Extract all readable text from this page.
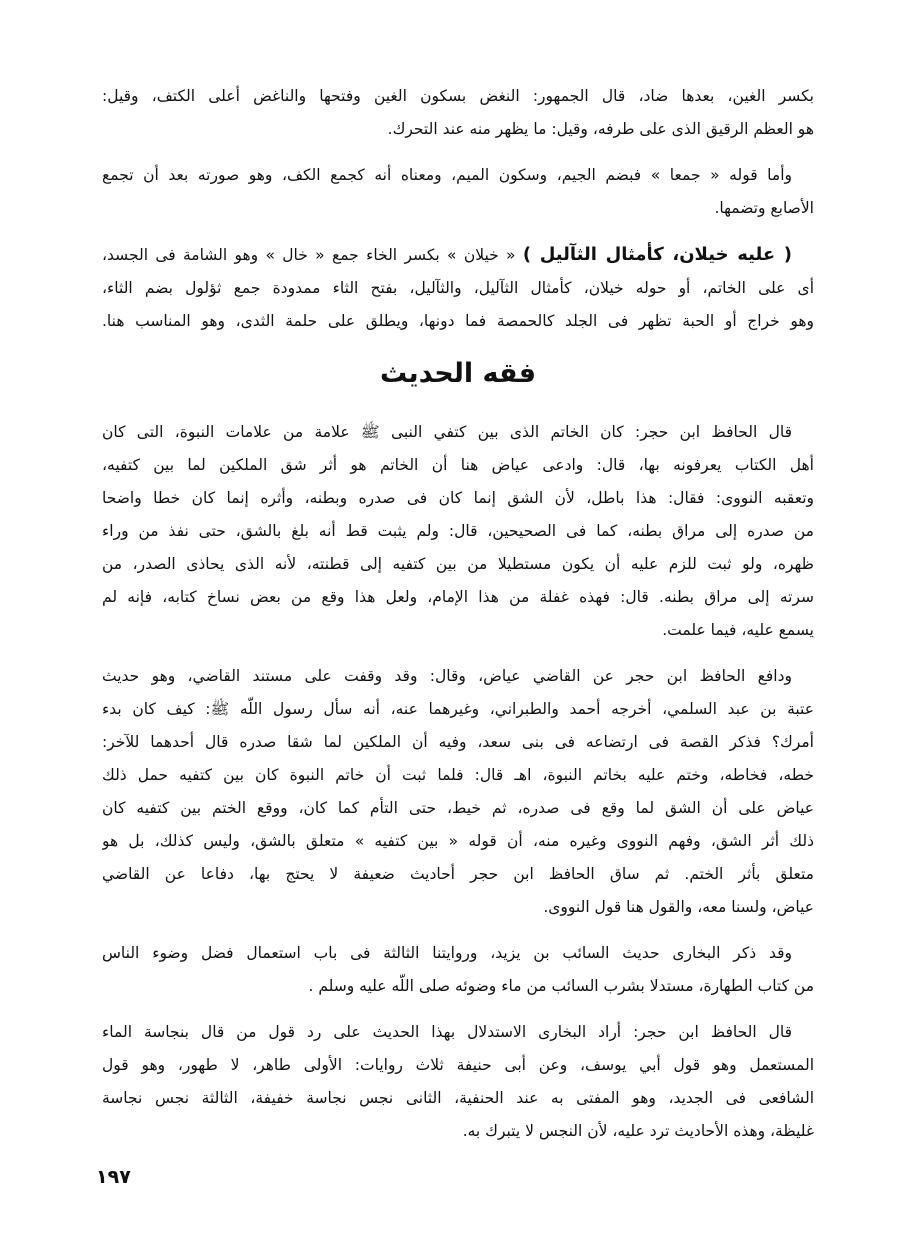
بكسر الغين، بعدها ضاد، قال الجمهور: النغض بسكون الغين وفتحها والناغض أعلى الكتف، وقيل:
هو العظم الرقيق الذى على طرفه، وقيل: ما يظهر منه عند التحرك.

وأما قوله « جمعا » فبضم الجيم، وسكون الميم، ومعناه أنه كجمع الكف، وهو صورته بعد أن تجمع
الأصابع وتضمها.

( عليه خيلان، كأمثال الثآليل ) « خيلان » بكسر الخاء جمع « خال » وهو الشامة فى الجسد،
أى على الخاتم، أو حوله خيلان، كأمثال الثآليل، والثآليل، بفتح الثاء ممدودة جمع ثؤلول بضم الثاء،
وهو خراج أو الحبة تظهر فى الجلد كالحمصة فما دونها، ويطلق على حلمة الثدى، وهو المناسب هنا.

فقه الحديث

قال الحافظ ابن حجر: كان الخاتم الذى بين كتفي النبى ﷺ علامة من علامات النبوة، التى كان
أهل الكتاب يعرفونه بها، قال: وادعى عياض هنا أن الخاتم هو أثر شق الملكين لما بين كتفيه،
وتعقبه النووى: فقال: هذا باطل، لأن الشق إنما كان فى صدره وبطنه، وأثره إنما كان خطا واضحا
من صدره إلى مراق بطنه، كما فى الصحيحين، قال: ولم يثبت قط أنه بلغ بالشق، حتى نفذ من وراء
ظهره، ولو ثبت للزم عليه أن يكون مستطيلا من بين كتفيه إلى قطنته، لأنه الذى يحاذى الصدر، من
سرته إلى مراق بطنه. قال: فهذه غفلة من هذا الإمام، ولعل هذا وقع من بعض نساخ كتابه، فإنه لم
يسمع عليه، فيما علمت.

ودافع الحافظ ابن حجر عن القاضي عياض، وقال: وقد وقفت على مستند القاضي، وهو حديث
عتبة بن عبد السلمي، أخرجه أحمد والطبراني، وغيرهما عنه، أنه سأل رسول اللّه ﷺ: كيف كان بدء
أمرك؟ فذكر القصة فى ارتضاعه فى بنى سعد، وفيه أن الملكين لما شقا صدره قال أحدهما للآخر:
خطه، فخاطه، وختم عليه بخاتم النبوة، اهـ قال: فلما ثبت أن خاتم النبوة كان بين كتفيه حمل ذلك
عياض على أن الشق لما وقع فى صدره، ثم خيط، حتى التأم كما كان، ووقع الختم بين كتفيه كان
ذلك أثر الشق، وفهم النووى وغيره منه، أن قوله « بين كتفيه » متعلق بالشق، وليس كذلك، بل هو
متعلق بأثر الختم. ثم ساق الحافظ ابن حجر أحاديث ضعيفة لا يحتج بها، دفاعا عن القاضي
عياض، ولسنا معه، والقول هنا قول النووى.

وقد ذكر البخارى حديث السائب بن يزيد، وروايتنا الثالثة فى باب استعمال فضل وضوء الناس
من كتاب الطهارة، مستدلا بشرب السائب من ماء وضوئه صلى اللّه عليه وسلم .

قال الحافظ ابن حجر: أراد البخارى الاستدلال بهذا الحديث على رد قول من قال بنجاسة الماء
المستعمل وهو قول أبي يوسف، وعن أبى حنيفة ثلاث روايات: الأولى طاهر، لا طهور، وهو قول
الشافعى فى الجديد، وهو المفتى به عند الحنفية، الثانى نجس نجاسة خفيفة، الثالثة نجس نجاسة
غليظة، وهذه الأحاديث ترد عليه، لأن النجس لا يتبرك به.

١٩٧
